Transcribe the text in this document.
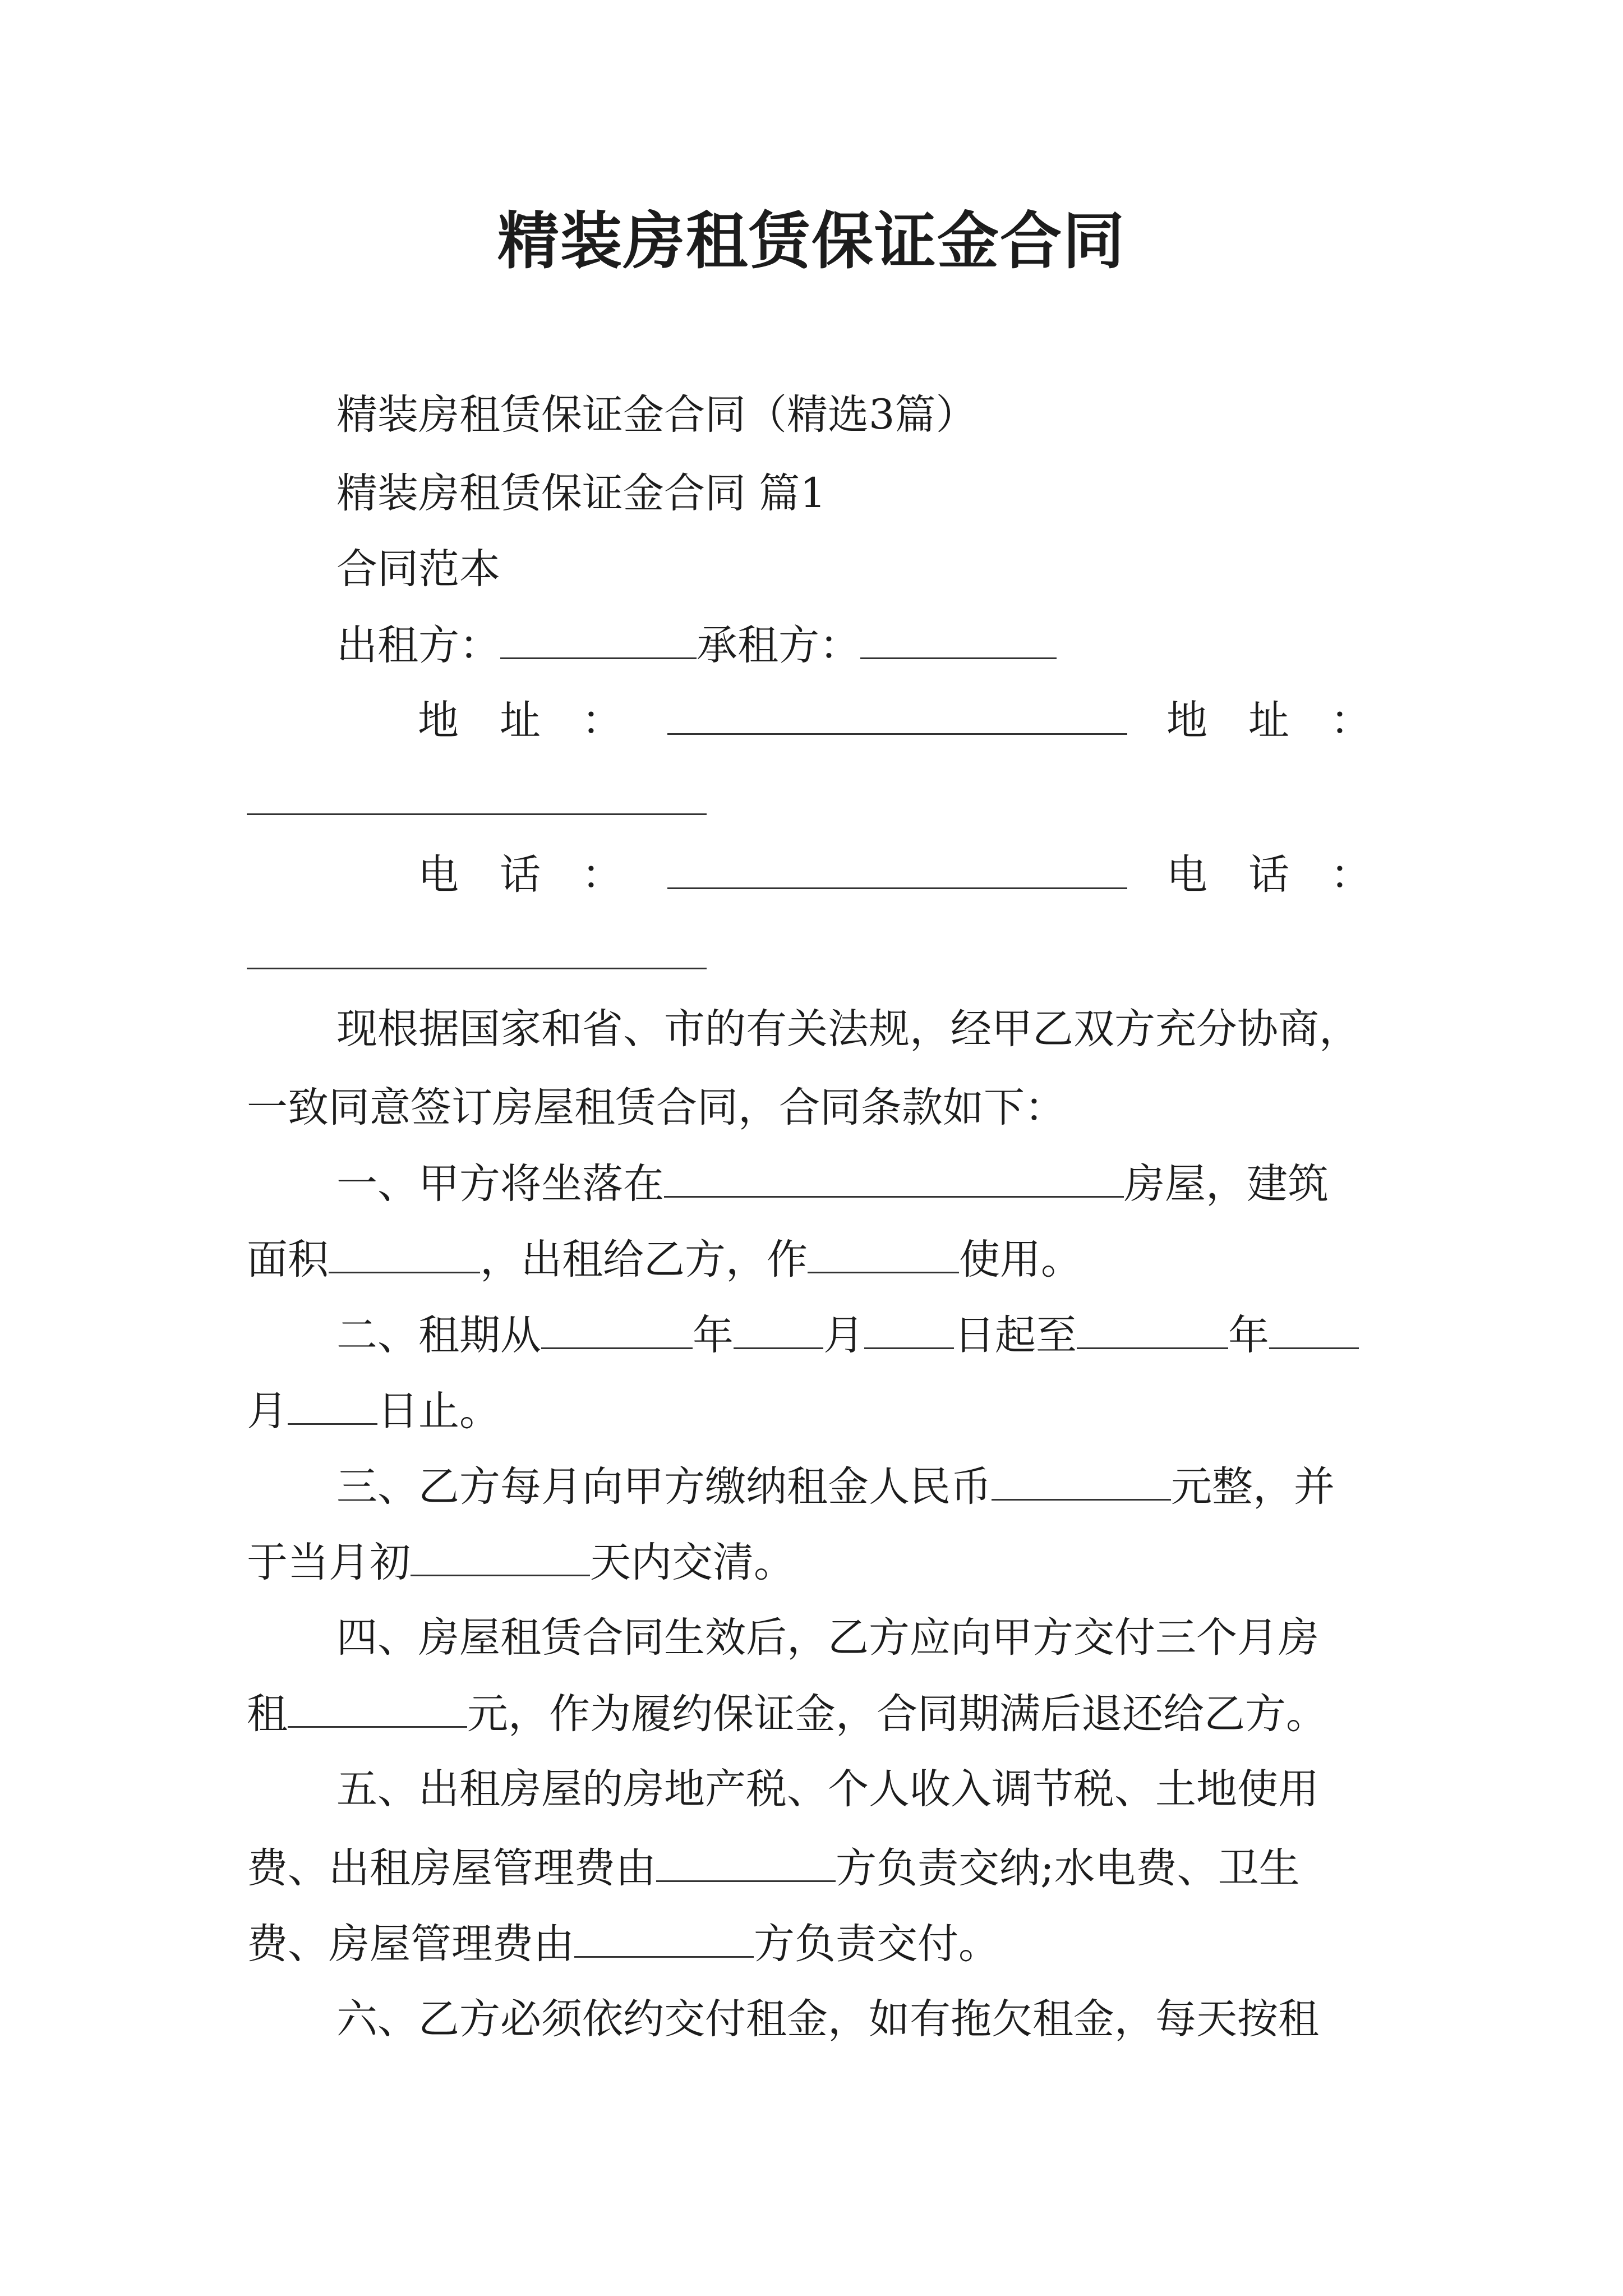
精装房租赁保证金合同
精装房租赁保证金合同（精选3篇）
精装房租赁保证金合同 篇1
合同范本
出租方：	承租方：
地　址　：	地　址　：
电　话　：	电　话　：
现根据国家和省、市的有关法规，经甲乙双方充分协商，
一致同意签订房屋租赁合同，合同条款如下：
一、甲方将坐落在	房屋，建筑
面积	，出租给乙方，作	使用。
二、租期从	年 月 日起至	年
月 日止。
三、乙方每月向甲方缴纳租金人民币	元整，并
于当月初	天内交清。
四、房屋租赁合同生效后，乙方应向甲方交付三个月房
租	元，作为履约保证金，合同期满后退还给乙方。
五、出租房屋的房地产税、个人收入调节税、土地使用
费、出租房屋管理费由	方负责交纳;水电费、卫生
费、房屋管理费由	方负责交付。
六、乙方必须依约交付租金，如有拖欠租金，每天按租
